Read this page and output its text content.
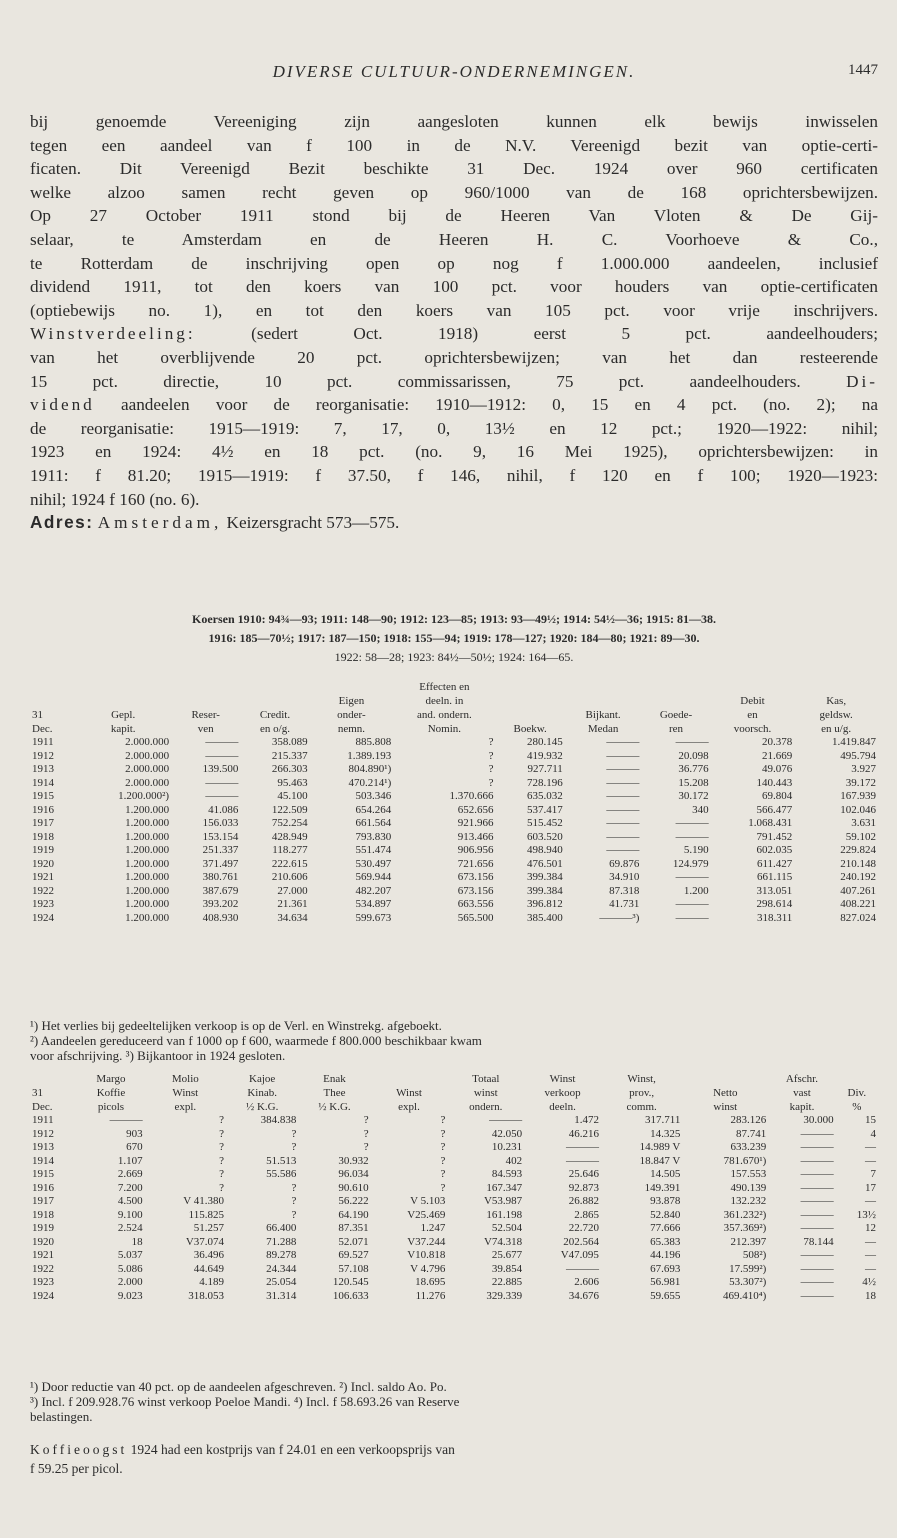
DIVERSE CULTUUR-ONDERNEMINGEN.	1447
bij genoemde Vereeniging zijn aangesloten kunnen elk bewijs inwisselen
tegen een aandeel van f 100 in de N.V. Vereenigd bezit van optie-certi-
ficaten. Dit Vereenigd Bezit beschikte 31 Dec. 1924 over 960 certificaten
welke alzoo samen recht geven op 960/1000 van de 168 oprichtersbewijzen.
Op 27 October 1911 stond bij de Heeren Van Vloten & De Gij-
selaar, te Amsterdam en de Heeren H. C. Voorhoeve & Co.,
te Rotterdam de inschrijving open op nog f 1.000.000 aandeelen, inclusief
dividend 1911, tot den koers van 100 pct. voor houders van optie-certificaten
(optiebewijs no. 1), en tot den koers van 105 pct. voor vrije inschrijvers.
Winstverdeeling:	(sedert Oct. 1918) eerst 5 pct. aandeelhouders;
van het overblijvende 20 pct. oprichtersbewijzen; van het dan resteerende
15 pct. directie, 10 pct. commissarissen, 75 pct. aandeelhouders.	Di-
vidend aandeelen voor de reorganisatie: 1910—1912: 0, 15 en 4 pct. (no. 2); na
de reorganisatie: 1915—1919: 7, 17, 0, 13½ en 12 pct.; 1920—1922: nihil;
1923 en 1924: 4½ en 18 pct. (no. 9, 16 Mei 1925), oprichtersbewijzen: in
1911: f 81.20; 1915—1919: f 37.50, f 146, nihil, f 120 en f 100; 1920—1923:
nihil; 1924 f 160 (no. 6).
Adres: Amsterdam, Keizersgracht 573—575.
Koersen 1910: 94¾—93; 1911: 148—90; 1912: 123—85; 1913: 93—49½; 1914: 54½—36; 1915: 81—38.
1916: 185—70½; 1917: 187—150; 1918: 155—94; 1919: 178—127; 1920: 184—80; 1921: 89—30.
1922: 58—28; 1923: 84½—50½; 1924: 164—65.
					Effecten en					
				Eigen	deeln. in				Debit	Kas,
31	Gepl.	Reser-	Credit.	onder-	and. ondern.		Bijkant.	Goede-	en	geldsw.
Dec.	kapit.	ven	en o/g.	nemn.	Nomin.	Boekw.	Medan	ren	voorsch.	en u/g.
1911	2.000.000	———	358.089	885.808	?	280.145	———	———	20.378	1.419.847
1912	2.000.000	———	215.337	1.389.193	?	419.932	———	20.098	21.669	495.794
1913	2.000.000	139.500	266.303	804.890¹)	?	927.711	———	36.776	49.076	3.927
1914	2.000.000	———	95.463	470.214¹)	?	728.196	———	15.208	140.443	39.172
1915	1.200.000²)	———	45.100	503.346	1.370.666	635.032	———	30.172	69.804	167.939
1916	1.200.000	41.086	122.509	654.264	652.656	537.417	———	340	566.477	102.046
1917	1.200.000	156.033	752.254	661.564	921.966	515.452	———	———	1.068.431	3.631
1918	1.200.000	153.154	428.949	793.830	913.466	603.520	———	———	791.452	59.102
1919	1.200.000	251.337	118.277	551.474	906.956	498.940	———	5.190	602.035	229.824
1920	1.200.000	371.497	222.615	530.497	721.656	476.501	69.876	124.979	611.427	210.148
1921	1.200.000	380.761	210.606	569.944	673.156	399.384	34.910	———	661.115	240.192
1922	1.200.000	387.679	27.000	482.207	673.156	399.384	87.318	1.200	313.051	407.261
1923	1.200.000	393.202	21.361	534.897	663.556	396.812	41.731	———	298.614	408.221
1924	1.200.000	408.930	34.634	599.673	565.500	385.400	———³)	———	318.311	827.024
¹) Het verlies bij gedeeltelijken verkoop is op de Verl. en Winstrekg. afgeboekt.
²) Aandeelen gereduceerd van f 1000 op f 600, waarmede f 800.000 beschikbaar kwam
voor afschrijving. ³) Bijkantoor in 1924 gesloten.
	Margo	Molio	Kajoe	Enak		Totaal	Winst	Winst,		Afschr.	
31	Koffie	Winst	Kinab.	Thee	Winst	winst	verkoop	prov.,	Netto	vast	Div.
Dec.	picols	expl.	½ K.G.	½ K.G.	expl.	ondern.	deeln.	comm.	winst	kapit.	%
1911	———	?	384.838	?	?	———	1.472	317.711	283.126	30.000	15
1912	903	?	?	?	?	42.050	46.216	14.325	87.741	———	4
1913	670	?	?	?	?	10.231	———	14.989 V	633.239	———	—
1914	1.107	?	51.513	30.932	?	402	———	18.847 V	781.670¹)	———	—
1915	2.669	?	55.586	96.034	?	84.593	25.646	14.505	157.553	———	7
1916	7.200	?	?	90.610	?	167.347	92.873	149.391	490.139	———	17
1917	4.500	V 41.380	?	56.222	V 5.103	V53.987	26.882	93.878	132.232	———	—
1918	9.100	115.825	?	64.190	V25.469	161.198	2.865	52.840	361.232²)	———	13½
1919	2.524	51.257	66.400	87.351	1.247	52.504	22.720	77.666	357.369²)	———	12
1920	18	V37.074	71.288	52.071	V37.244	V74.318	202.564	65.383	212.397	78.144	—
1921	5.037	36.496	89.278	69.527	V10.818	25.677	V47.095	44.196	508²)	———	—
1922	5.086	44.649	24.344	57.108	V 4.796	39.854	———	67.693	17.599²)	———	—
1923	2.000	4.189	25.054	120.545	18.695	22.885	2.606	56.981	53.307²)	———	4½
1924	9.023	318.053	31.314	106.633	11.276	329.339	34.676	59.655	469.410⁴)	———	18
¹) Door reductie van 40 pct. op de aandeelen afgeschreven. ²) Incl. saldo Ao. Po.
³) Incl. f 209.928.76 winst verkoop Poeloe Mandi. ⁴) Incl. f 58.693.26 van Reserve
belastingen.
Koffieoogst 1924 had een kostprijs van f 24.01 en een verkoopsprijs van
f 59.25 per picol.
